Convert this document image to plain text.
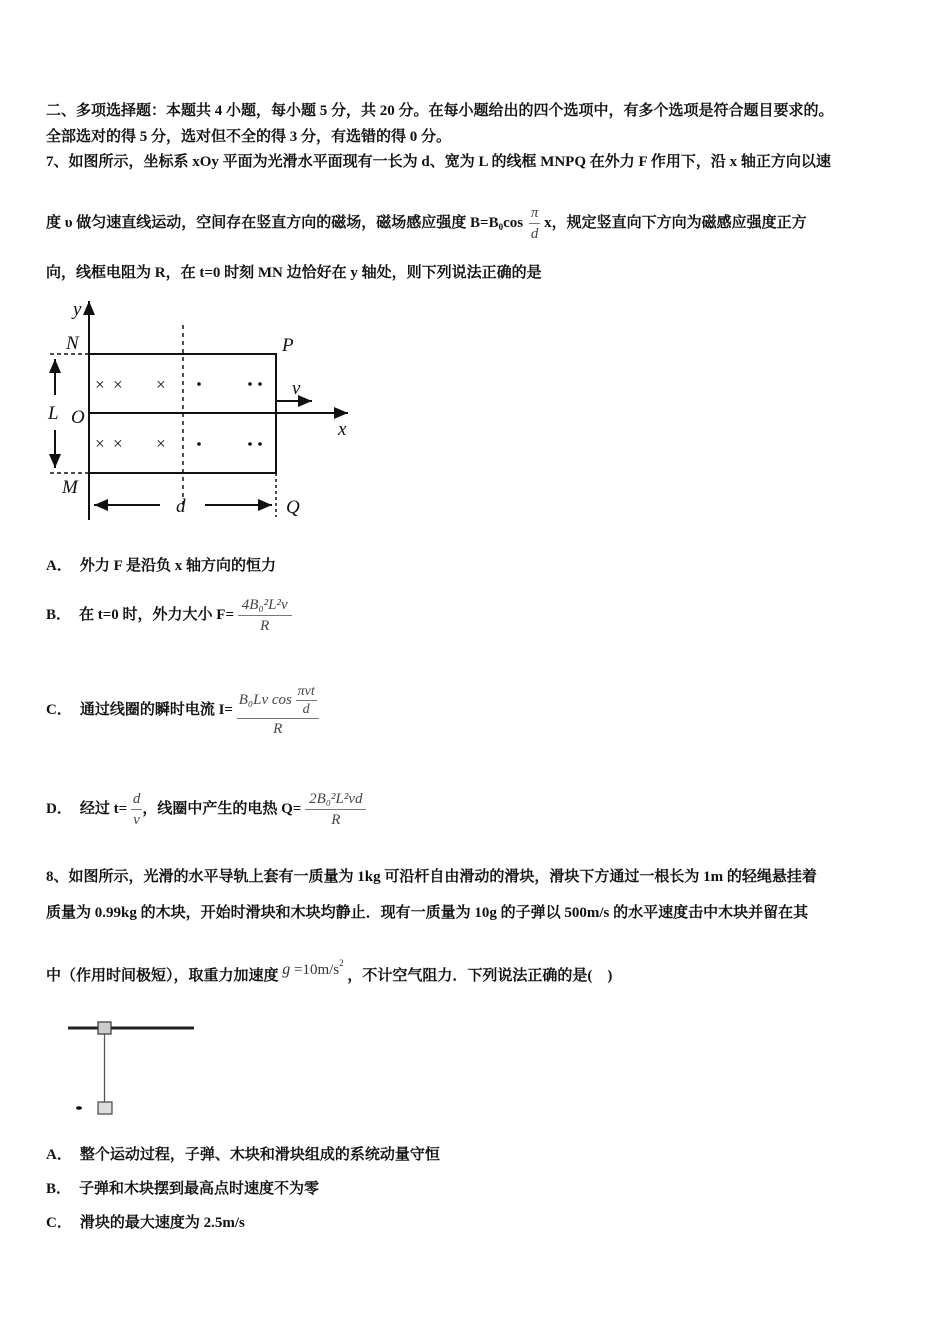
二、多项选择题：本题共 4 小题，每小题 5 分，共 20 分。在每小题给出的四个选项中，有多个选项是符合题目要求的。
全部选对的得 5 分，选对但不全的得 3 分，有选错的得 0 分。
7、如图所示，坐标系 xOy 平面为光滑水平面现有一长为 d、宽为 L 的线框 MNPQ 在外力 F 作用下，沿 x 轴正方向以速
度 υ 做匀速直线运动，空间存在竖直方向的磁场，磁场感应强度 $B=B_0\cos \frac{\pi}{d}$ x，规定竖直向下方向为磁感应强度正方
向，线框电阻为 R，在 t=0 时刻 MN 边恰好在 y 轴处，则下列说法正确的是
× × ×
× × ×
y
N	P
v
L O
x
M
d	Q
A． 外力 F 是沿负 x 轴方向的恒力
B． 在 t=0 时，外力大小 $F= \frac{\text{4B₀²L²v}}{R}$
C． 通过线圈的瞬时电流 $I= \frac{B_0Lv \cos \frac{\text{πvt}}{d}}{R}$
D． 经过 $t= \frac{d}{v}$ ，线圈中产生的电热 $Q= \frac{\text{2B₀²L²vd}}{R}$
8、如图所示，光滑的水平导轨上套有一质量为 1kg 可沿杆自由滑动的滑块，滑块下方通过一根长为 1m 的轻绳悬挂着
质量为 0.99kg 的木块，开始时滑块和木块均静止．现有一质量为 10g 的子弹以 500m/s 的水平速度击中木块并留在其
中（作用时间极短），取重力加速度 $g =10m/s^2$ ，不计空气阻力．下列说法正确的是(　)
A． 整个运动过程，子弹、木块和滑块组成的系统动量守恒
B． 子弹和木块摆到最高点时速度不为零
C． 滑块的最大速度为 2.5m/s
